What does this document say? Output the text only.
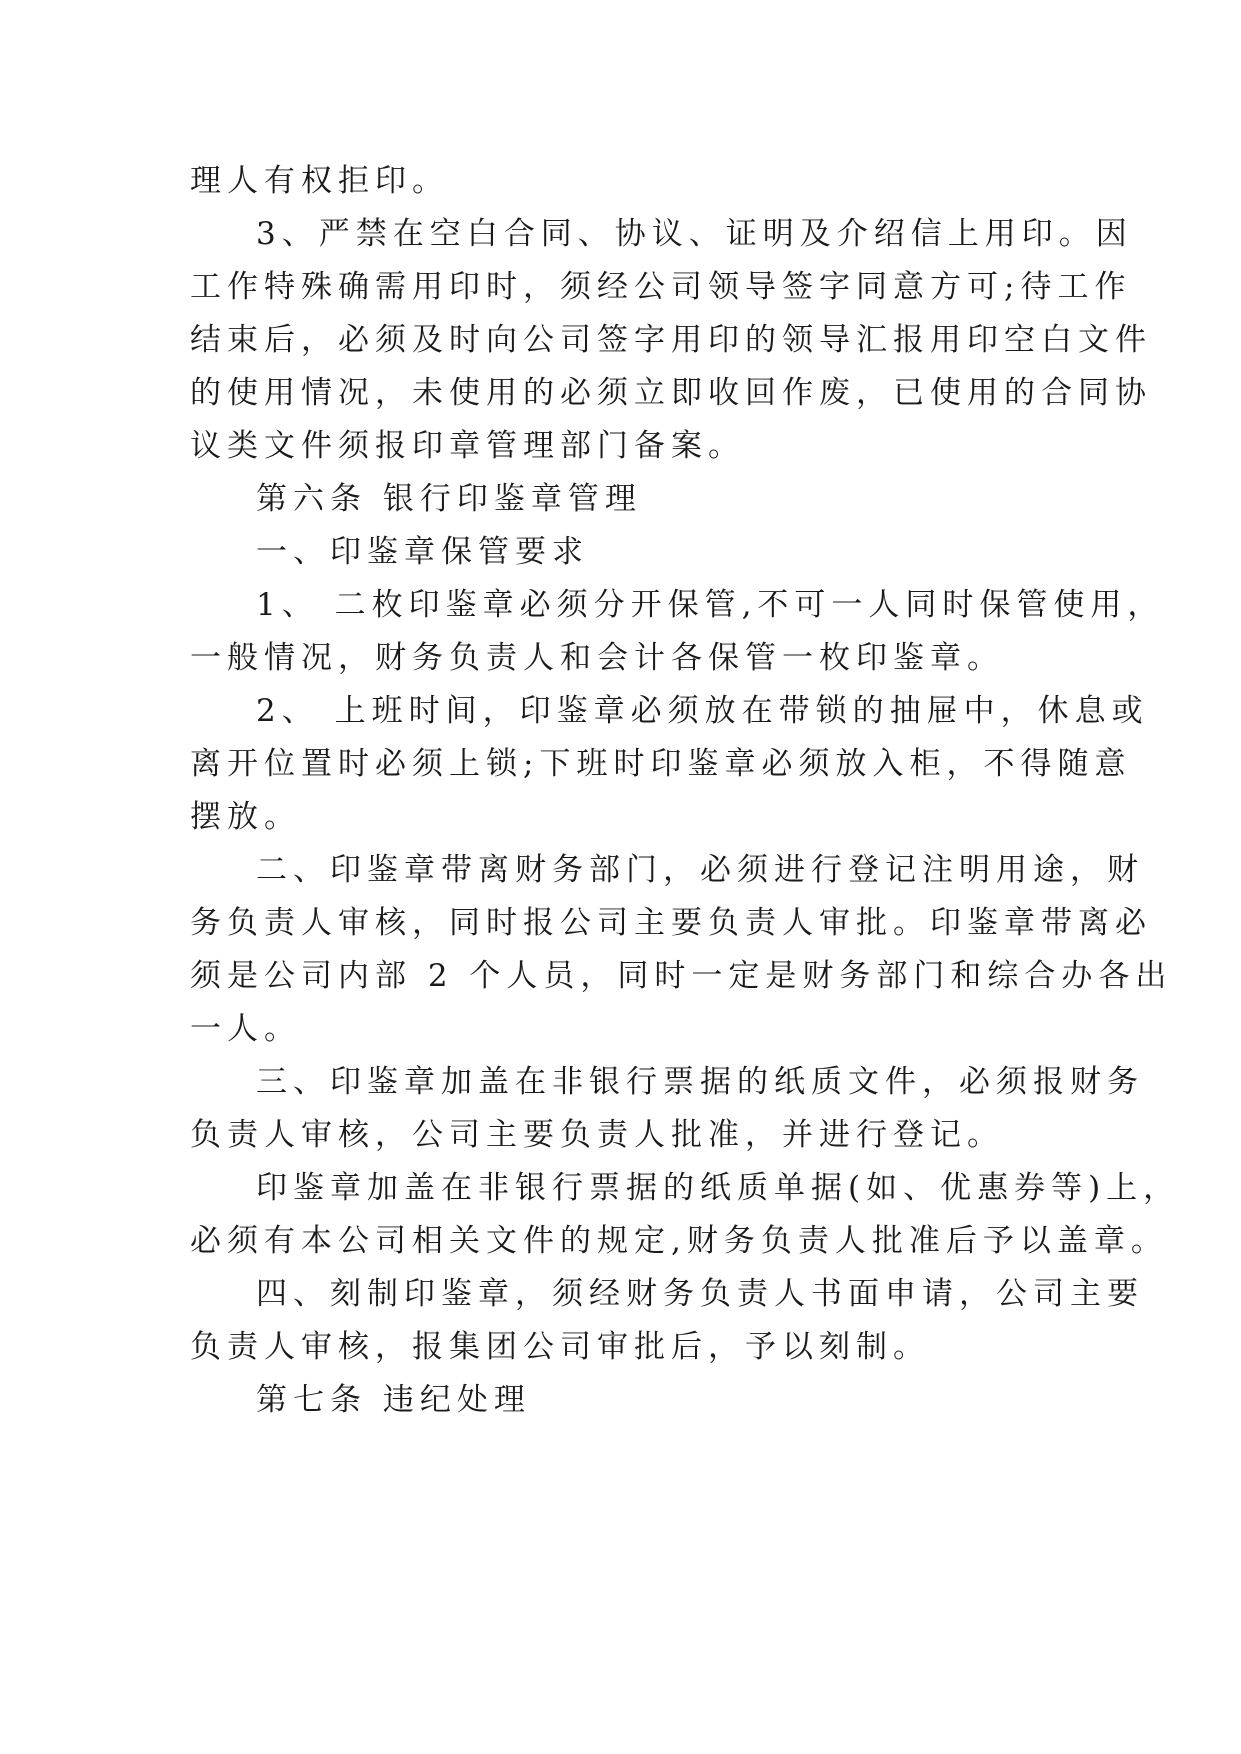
理人有权拒印。
3、严禁在空白合同、协议、证明及介绍信上用印。因
工作特殊确需用印时，须经公司领导签字同意方可;待工作
结束后，必须及时向公司签字用印的领导汇报用印空白文件
的使用情况，未使用的必须立即收回作废，已使用的合同协
议类文件须报印章管理部门备案。
第六条 银行印鉴章管理
一、印鉴章保管要求
1、 二枚印鉴章必须分开保管,不可一人同时保管使用，
一般情况，财务负责人和会计各保管一枚印鉴章。
2、 上班时间，印鉴章必须放在带锁的抽屉中，休息或
离开位置时必须上锁;下班时印鉴章必须放入柜，不得随意
摆放。
二、印鉴章带离财务部门，必须进行登记注明用途，财
务负责人审核，同时报公司主要负责人审批。印鉴章带离必
须是公司内部 2 个人员，同时一定是财务部门和综合办各出
一人。
三、印鉴章加盖在非银行票据的纸质文件，必须报财务
负责人审核，公司主要负责人批准，并进行登记。
印鉴章加盖在非银行票据的纸质单据(如、优惠券等)上，
必须有本公司相关文件的规定,财务负责人批准后予以盖章。
四、刻制印鉴章，须经财务负责人书面申请，公司主要
负责人审核，报集团公司审批后，予以刻制。
第七条 违纪处理
